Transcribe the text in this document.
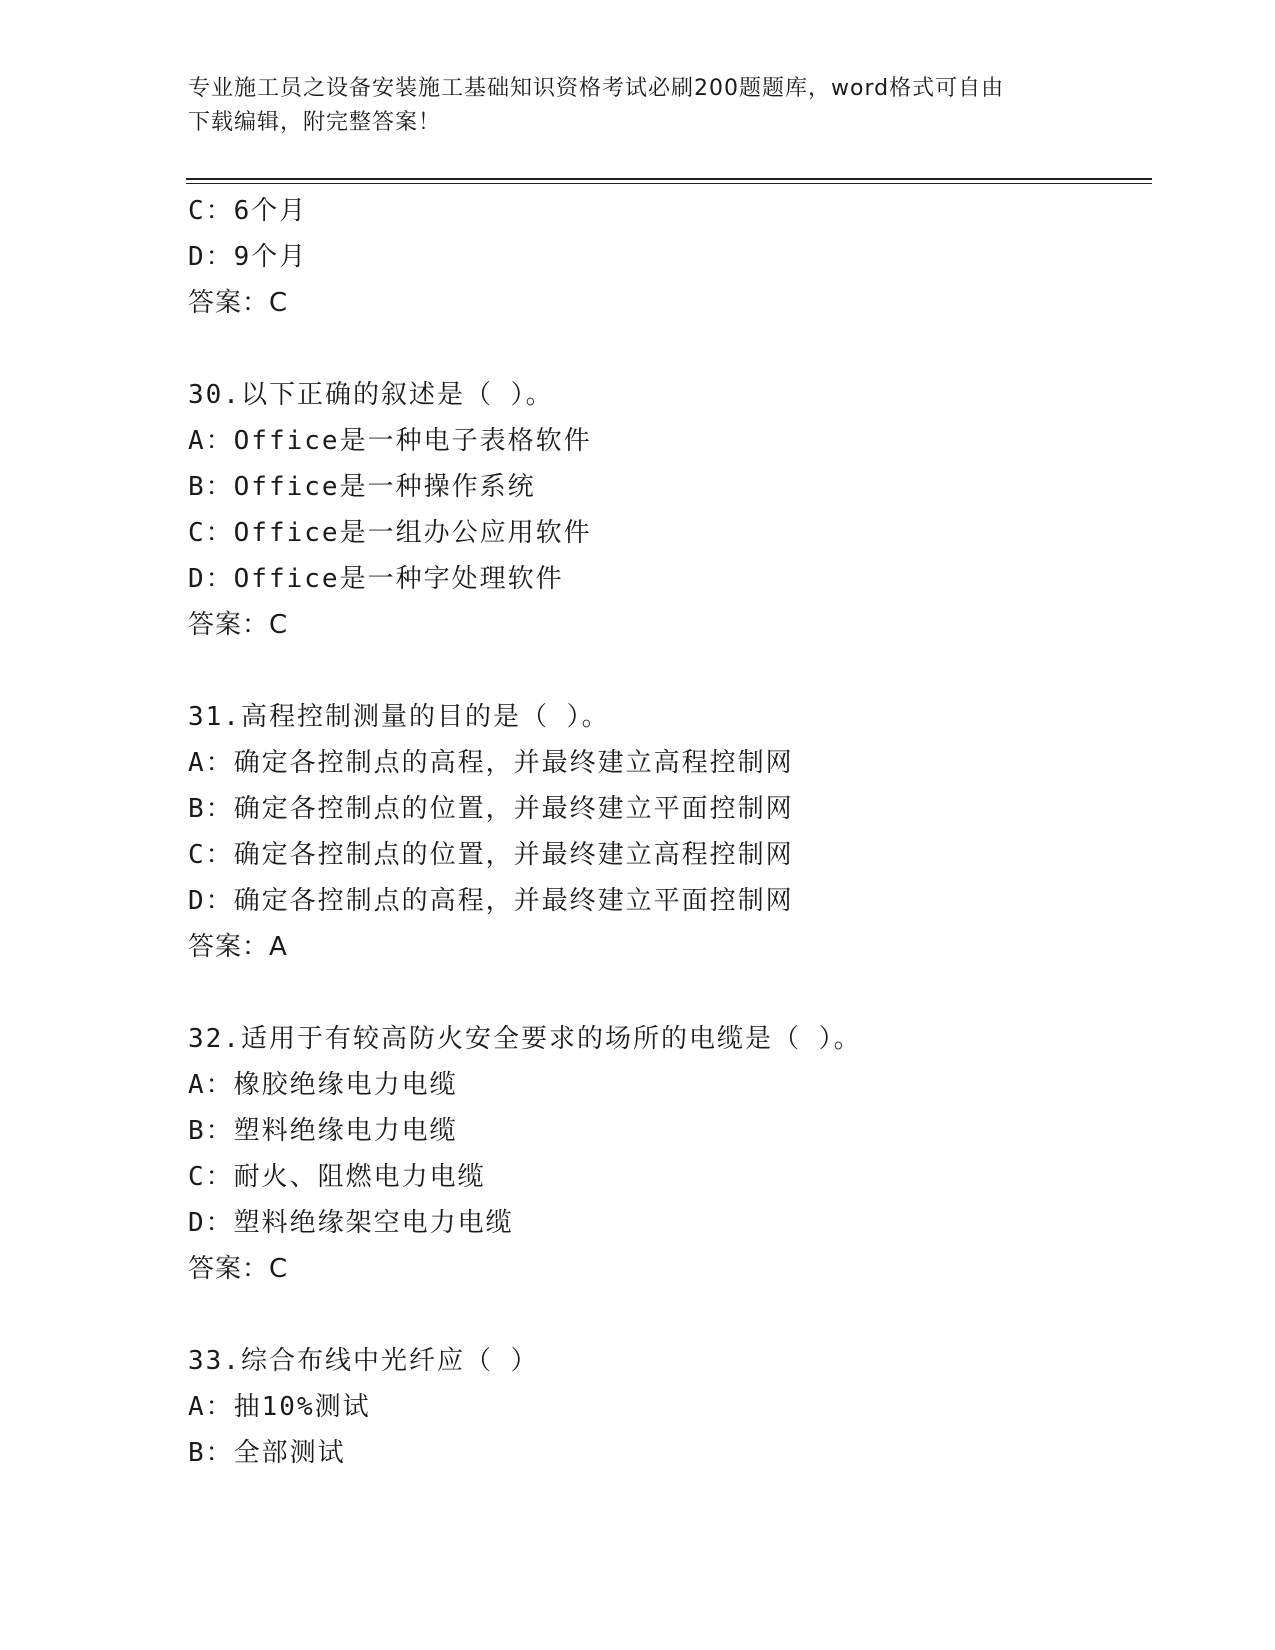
专业施工员之设备安装施工基础知识资格考试必刷200题题库，word格式可自由
下载编辑，附完整答案！
C：6个月
D：9个月
答案：C
30.以下正确的叙述是（ ）。
A：Office是一种电子表格软件
B：Office是一种操作系统
C：Office是一组办公应用软件
D：Office是一种字处理软件
答案：C
31.高程控制测量的目的是（ ）。
A：确定各控制点的高程，并最终建立高程控制网
B：确定各控制点的位置，并最终建立平面控制网
C：确定各控制点的位置，并最终建立高程控制网
D：确定各控制点的高程，并最终建立平面控制网
答案：A
32.适用于有较高防火安全要求的场所的电缆是（ ）。
A：橡胶绝缘电力电缆
B：塑料绝缘电力电缆
C：耐火、阻燃电力电缆
D：塑料绝缘架空电力电缆
答案：C
33.综合布线中光纤应（ ）
A：抽10%测试
B：全部测试
